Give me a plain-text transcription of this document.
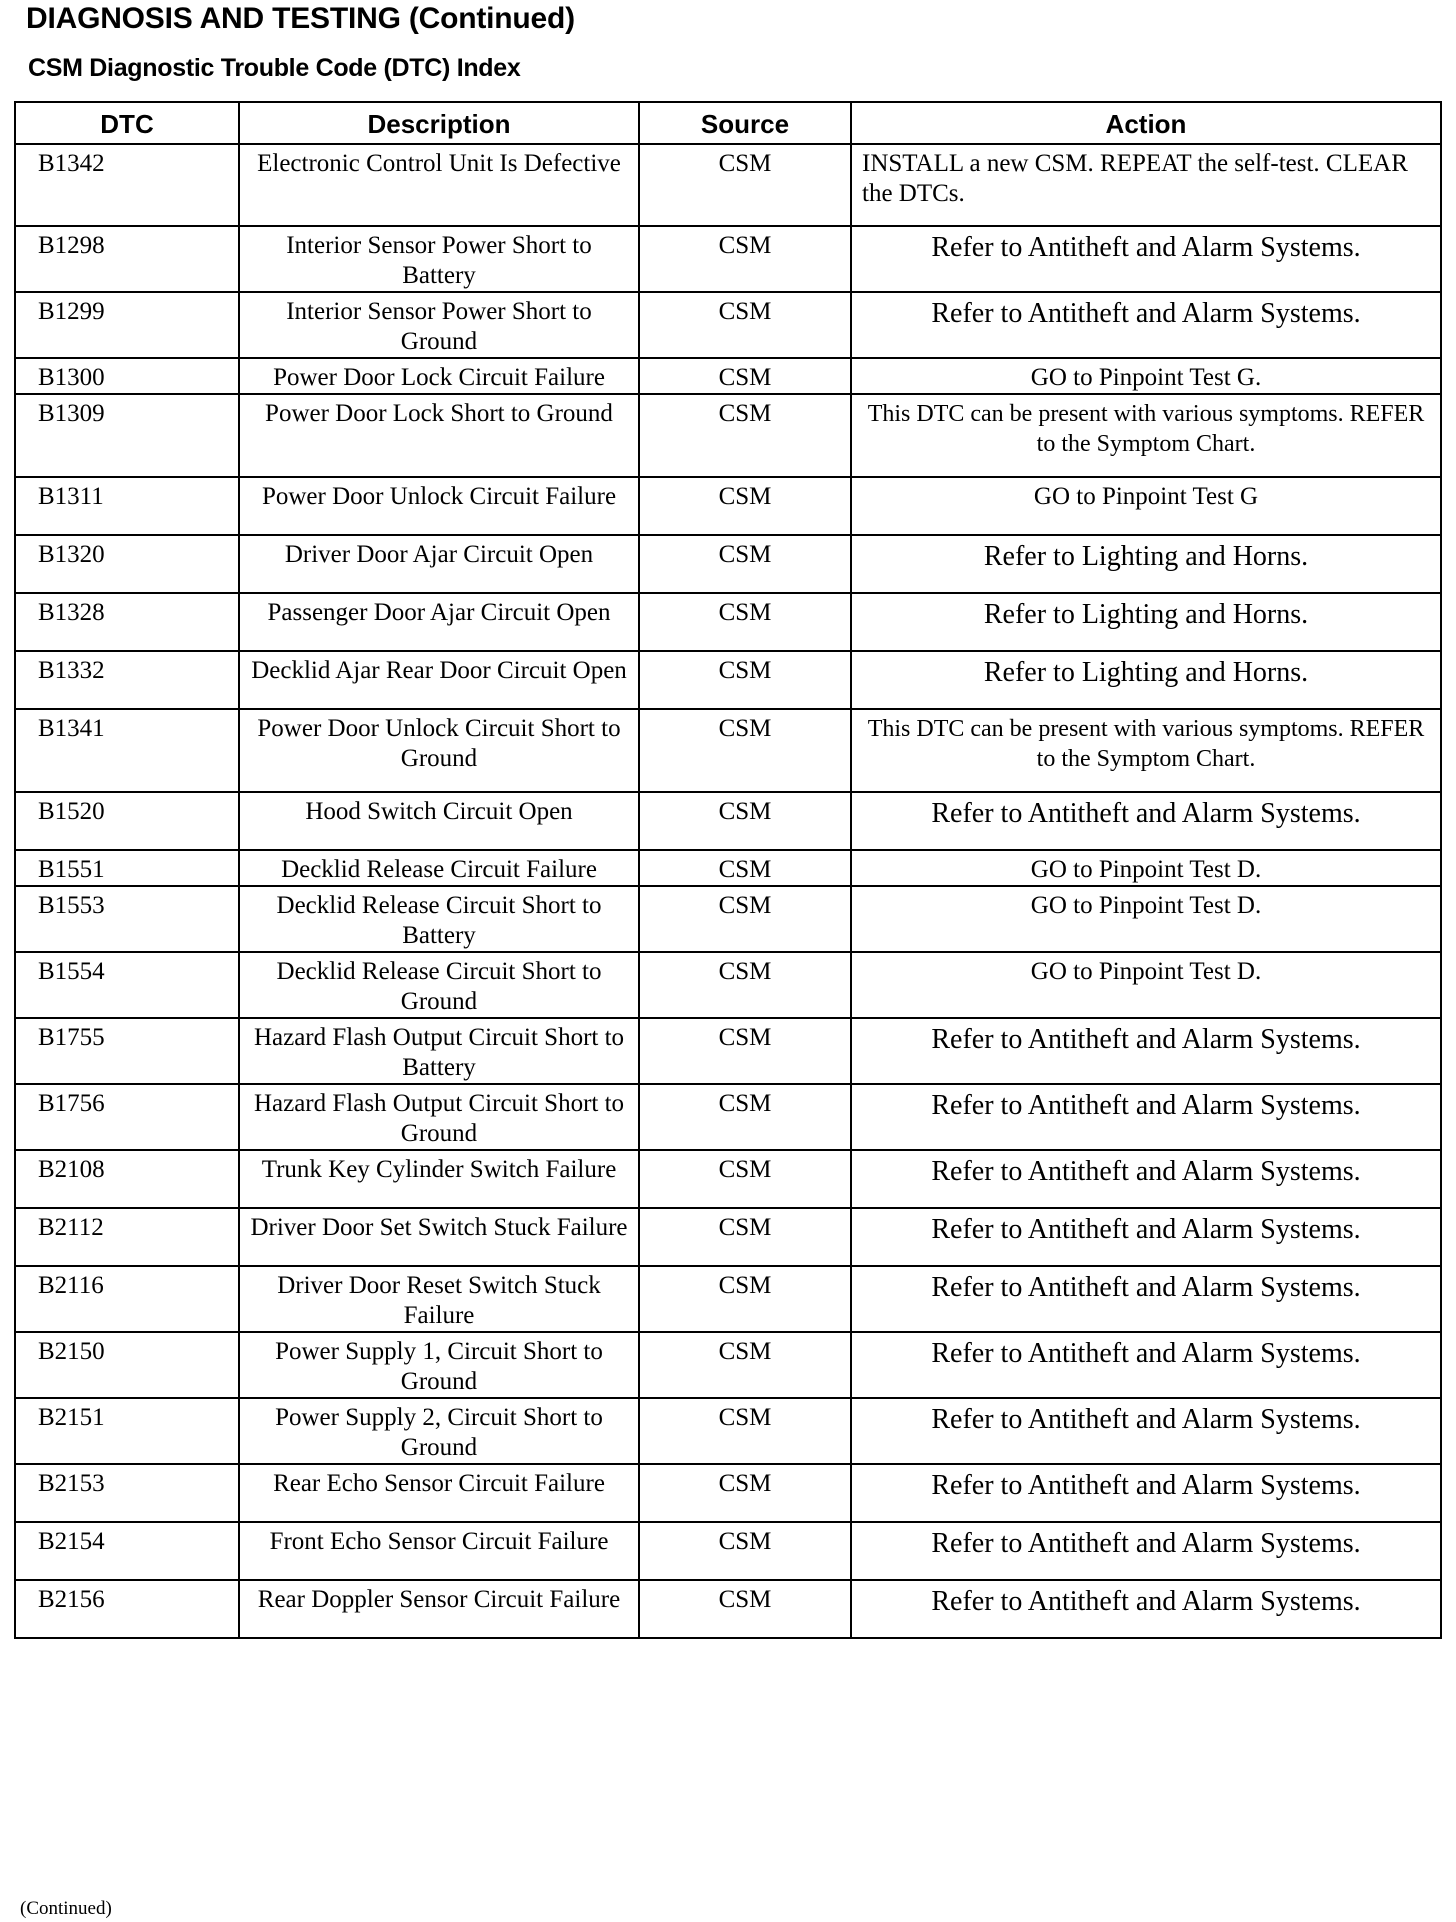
DIAGNOSIS AND TESTING (Continued)
CSM Diagnostic Trouble Code (DTC) Index
DTC	Description	Source	Action
B1342	Electronic Control Unit Is Defective	CSM	INSTALL a new CSM. REPEAT the self-test. CLEAR the DTCs.
B1298	Interior Sensor Power Short to Battery	CSM	Refer to Antitheft and Alarm Systems.
B1299	Interior Sensor Power Short to Ground	CSM	Refer to Antitheft and Alarm Systems.
B1300	Power Door Lock Circuit Failure	CSM	GO to Pinpoint Test G.
B1309	Power Door Lock Short to Ground	CSM	This DTC can be present with various symptoms. REFER to the Symptom Chart.
B1311	Power Door Unlock Circuit Failure	CSM	GO to Pinpoint Test G
B1320	Driver Door Ajar Circuit Open	CSM	Refer to Lighting and Horns.
B1328	Passenger Door Ajar Circuit Open	CSM	Refer to Lighting and Horns.
B1332	Decklid Ajar Rear Door Circuit Open	CSM	Refer to Lighting and Horns.
B1341	Power Door Unlock Circuit Short to Ground	CSM	This DTC can be present with various symptoms. REFER to the Symptom Chart.
B1520	Hood Switch Circuit Open	CSM	Refer to Antitheft and Alarm Systems.
B1551	Decklid Release Circuit Failure	CSM	GO to Pinpoint Test D.
B1553	Decklid Release Circuit Short to Battery	CSM	GO to Pinpoint Test D.
B1554	Decklid Release Circuit Short to Ground	CSM	GO to Pinpoint Test D.
B1755	Hazard Flash Output Circuit Short to Battery	CSM	Refer to Antitheft and Alarm Systems.
B1756	Hazard Flash Output Circuit Short to Ground	CSM	Refer to Antitheft and Alarm Systems.
B2108	Trunk Key Cylinder Switch Failure	CSM	Refer to Antitheft and Alarm Systems.
B2112	Driver Door Set Switch Stuck Failure	CSM	Refer to Antitheft and Alarm Systems.
B2116	Driver Door Reset Switch Stuck Failure	CSM	Refer to Antitheft and Alarm Systems.
B2150	Power Supply 1, Circuit Short to Ground	CSM	Refer to Antitheft and Alarm Systems.
B2151	Power Supply 2, Circuit Short to Ground	CSM	Refer to Antitheft and Alarm Systems.
B2153	Rear Echo Sensor Circuit Failure	CSM	Refer to Antitheft and Alarm Systems.
B2154	Front Echo Sensor Circuit Failure	CSM	Refer to Antitheft and Alarm Systems.
B2156	Rear Doppler Sensor Circuit Failure	CSM	Refer to Antitheft and Alarm Systems.
(Continued)
